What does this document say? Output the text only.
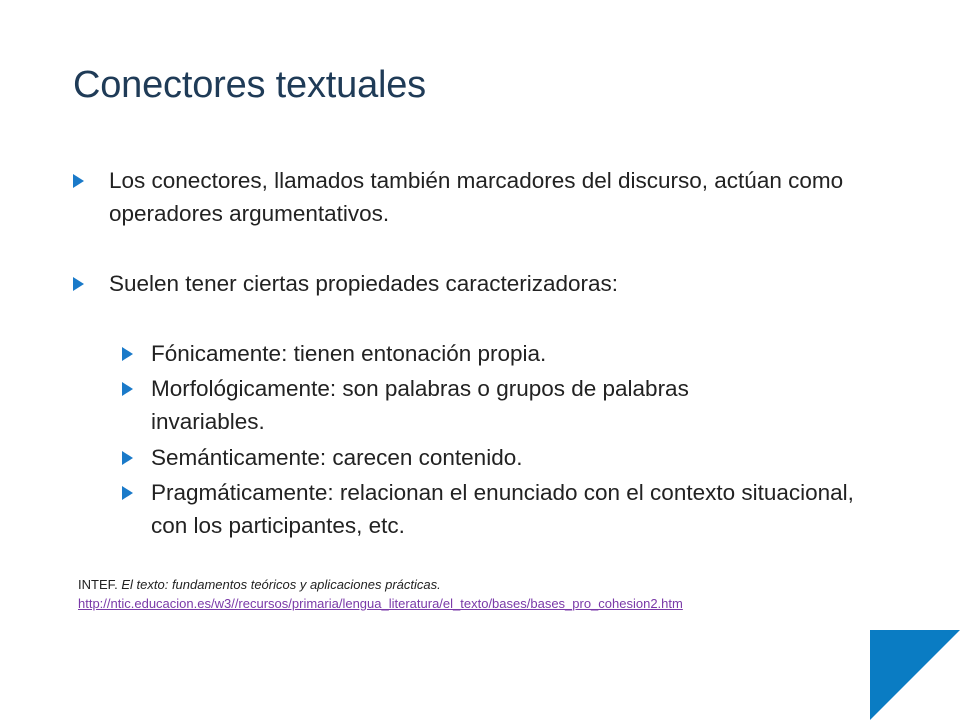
Conectores textuales
Los conectores, llamados también marcadores del discurso, actúan como operadores argumentativos.
Suelen tener ciertas propiedades caracterizadoras:
Fónicamente: tienen entonación propia.
Morfológicamente: son palabras o grupos de palabras invariables.
Semánticamente: carecen contenido.
Pragmáticamente: relacionan el enunciado con el contexto situacional, con los participantes, etc.
INTEF. El texto: fundamentos teóricos y aplicaciones prácticas.
http://ntic.educacion.es/w3//recursos/primaria/lengua_literatura/el_texto/bases/bases_pro_cohesion2.htm
